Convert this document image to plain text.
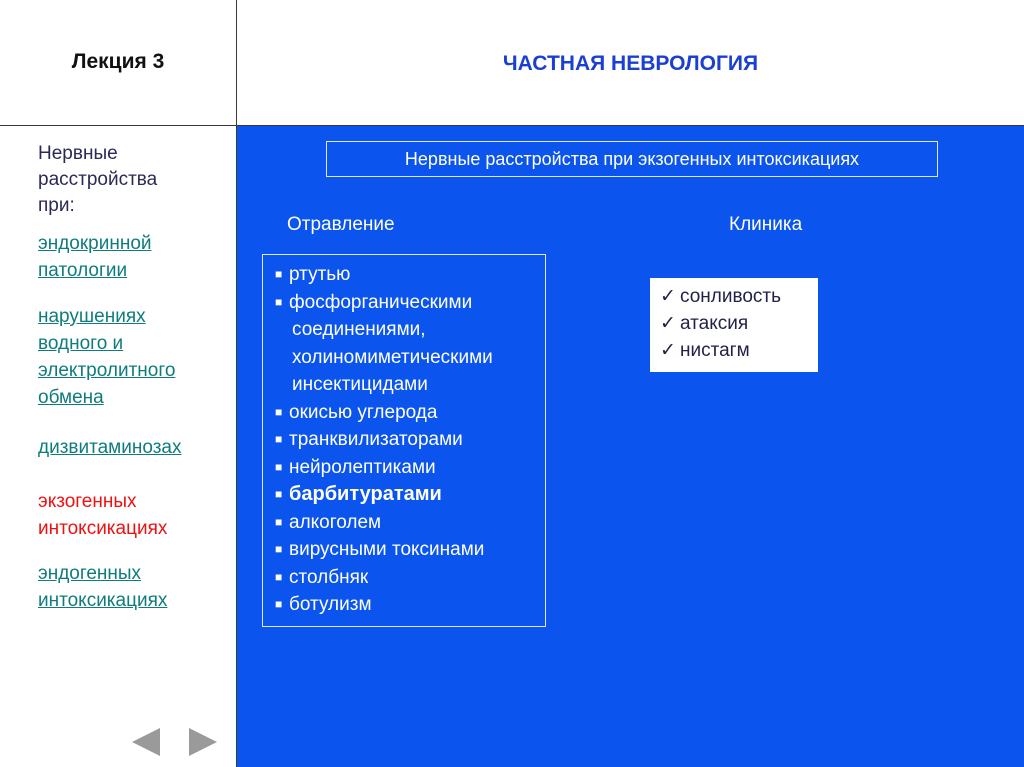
Лекция 3	ЧАСТНАЯ НЕВРОЛОГИЯ
Нервные
расстройства
при:
эндокринной
патологии
нарушениях
водного и
электролитного
обмена
дизвитаминозах
экзогенных
интоксикациях
эндогенных
интоксикациях
Нервные расстройства при экзогенных интоксикациях
Отравление	Клиника
■ ртутью
■ фосфорганическими
соединениями,
холиномиметическими
инсектицидами
■ окисью углерода
■ транквилизаторами
■ нейролептиками
■ барбитуратами
■ алкоголем
■ вирусными токсинами
■ столбняк
■ ботулизм
✓ сонливость
✓ атаксия
✓ нистагм
